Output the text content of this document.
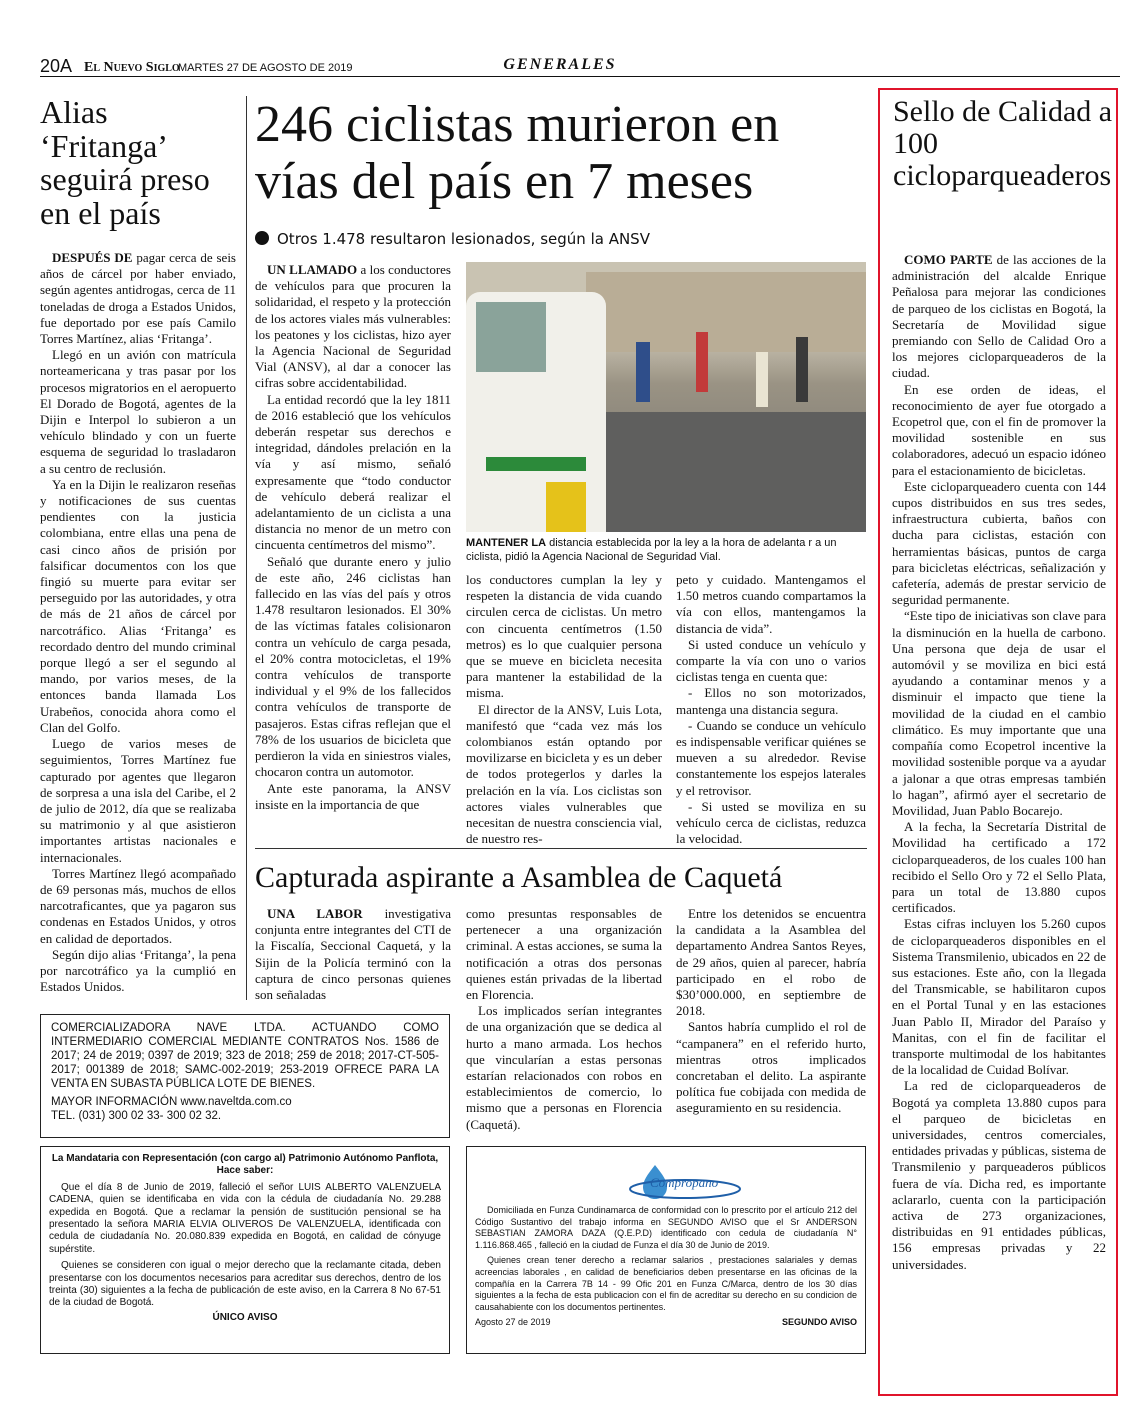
20A El Nuevo Siglo
MARTES 27 DE AGOSTO DE 2019	GENERALES
Alias ‘Fritanga’ seguirá preso en el país

DESPUÉS DE pagar cerca de seis años de cárcel por haber enviado, según agentes antidrogas, cerca de 11 toneladas de droga a Estados Unidos, fue deportado por ese país Camilo Torres Martínez, alias ‘Fritanga’.

Llegó en un avión con matrícula norteamericana y tras pasar por los procesos migratorios en el aeropuerto El Dorado de Bogotá, agentes de la Dijin e Interpol lo subieron a un vehículo blindado y con un fuerte esquema de seguridad lo trasladaron a su centro de reclusión.

Ya en la Dijin le realizaron reseñas y notificaciones de sus cuentas pendientes con la justicia colombiana, entre ellas una pena de casi cinco años de prisión por falsificar documentos con los que fingió su muerte para evitar ser perseguido por las autoridades, y otra de más de 21 años de cárcel por narcotráfico. Alias ‘Fritanga’ es recordado dentro del mundo criminal porque llegó a ser el segundo al mando, por varios meses, de la entonces banda llamada Los Urabeños, conocida ahora como el Clan del Golfo.

Luego de varios meses de seguimientos, Torres Martínez fue capturado por agentes que llegaron de sorpresa a una isla del Caribe, el 2 de julio de 2012, día que se realizaba su matrimonio y al que asistieron importantes artistas nacionales e internacionales.

Torres Martínez llegó acompañado de 69 personas más, muchos de ellos narcotraficantes, que ya pagaron sus condenas en Estados Unidos, y otros en calidad de deportados.

Según dijo alias ‘Fritanga’, la pena por narcotráfico ya la cumplió en Estados Unidos.

246 ciclistas murieron en vías del país en 7 meses
Otros 1.478 resultaron lesionados, según la ANSV

UN LLAMADO a los conductores de vehículos para que procuren la solidaridad, el respeto y la protección de los actores viales más vulnerables: los peatones y los ciclistas, hizo ayer la Agencia Nacional de Seguridad Vial (ANSV), al dar a conocer las cifras sobre accidentabilidad.

La entidad recordó que la ley 1811 de 2016 estableció que los vehículos deberán respetar sus derechos e integridad, dándoles prelación en la vía y así mismo, señaló expresamente que “todo conductor de vehículo deberá realizar el adelantamiento de un ciclista a una distancia no menor de un metro con cincuenta centímetros del mismo”.

Señaló que durante enero y julio de este año, 246 ciclistas han fallecido en las vías del país y otros 1.478 resultaron lesionados. El 30% de las víctimas fatales colisionaron contra un vehículo de carga pesada, el 20% contra motocicletas, el 19% contra vehículos de transporte individual y el 9% de los fallecidos contra vehículos de transporte de pasajeros. Estas cifras reflejan que el 78% de los usuarios de bicicleta que perdieron la vida en siniestros viales, chocaron contra un automotor.

Ante este panorama, la ANSV insiste en la importancia de que

MANTENER LA distancia establecida por la ley a la hora de adelanta r a un ciclista, pidió la Agencia Nacional de Seguridad Vial.

los conductores cumplan la ley y respeten la distancia de vida cuando circulen cerca de ciclistas. Un metro con cincuenta centímetros (1.50 metros) es lo que cualquier persona que se mueve en bicicleta necesita para mantener la estabilidad de la misma.

El director de la ANSV, Luis Lota, manifestó que “cada vez más los colombianos están optando por movilizarse en bicicleta y es un deber de todos protegerlos y darles la prelación en la vía. Los ciclistas son actores viales vulnerables que necesitan de nuestra consciencia vial, de nuestro res-

peto y cuidado. Mantengamos el 1.50 metros cuando compartamos la vía con ellos, mantengamos la distancia de vida”.

Si usted conduce un vehículo y comparte la vía con uno o varios ciclistas tenga en cuenta que:

- Ellos no son motorizados, mantenga una distancia segura.

- Cuando se conduce un vehículo es indispensable verificar quiénes se mueven a su alrededor. Revise constantemente los espejos laterales y el retrovisor.

- Si usted se moviliza en su vehículo cerca de ciclistas, reduzca la velocidad.

Capturada aspirante a Asamblea de Caquetá

UNA LABOR investigativa conjunta entre integrantes del CTI de la Fiscalía, Seccional Caquetá, y la Sijin de la Policía terminó con la captura de cinco personas quienes son señaladas

como presuntas responsables de pertenecer a una organización criminal. A estas acciones, se suma la notificación a otras dos personas quienes están privadas de la libertad en Florencia.

Los implicados serían integrantes de una organización que se dedica al hurto a mano armada. Los hechos que vincularían a estas personas estarían relacionados con robos en establecimientos de comercio, lo mismo que a personas en Florencia (Caquetá).

Entre los detenidos se encuentra la candidata a la Asamblea del departamento Andrea Santos Reyes, de 29 años, quien al parecer, habría participado en el robo de $30’000.000, en septiembre de 2018.

Santos habría cumplido el rol de “campanera” en el referido hurto, mientras otros implicados concretaban el delito. La aspirante política fue cobijada con medida de aseguramiento en su residencia.

Sello de Calidad a 100 cicloparqueaderos

COMO PARTE de las acciones de la administración del alcalde Enrique Peñalosa para mejorar las condiciones de parqueo de los ciclistas en Bogotá, la Secretaría de Movilidad sigue premiando con Sello de Calidad Oro a los mejores cicloparqueaderos de la ciudad.

En ese orden de ideas, el reconocimiento de ayer fue otorgado a Ecopetrol que, con el fin de promover la movilidad sostenible en sus colaboradores, adecuó un espacio idóneo para el estacionamiento de bicicletas.

Este cicloparqueadero cuenta con 144 cupos distribuidos en sus tres sedes, infraestructura cubierta, baños con ducha para ciclistas, estación con herramientas básicas, puntos de carga para bicicletas eléctricas, señalización y cafetería, además de prestar servicio de seguridad permanente.

“Este tipo de iniciativas son clave para la disminución en la huella de carbono. Una persona que deja de usar el automóvil y se moviliza en bici está ayudando a contaminar menos y a disminuir el impacto que tiene la movilidad de la ciudad en el cambio climático. Es muy importante que una compañía como Ecopetrol incentive la movilidad sostenible porque va a ayudar a jalonar a que otras empresas también lo hagan”, afirmó ayer el secretario de Movilidad, Juan Pablo Bocarejo.

A la fecha, la Secretaría Distrital de Movilidad ha certificado a 172 cicloparqueaderos, de los cuales 100 han recibido el Sello Oro y 72 el Sello Plata, para un total de 13.880 cupos certificados.

Estas cifras incluyen los 5.260 cupos de cicloparqueaderos disponibles en el Sistema Transmilenio, ubicados en 22 de sus estaciones. Este año, con la llegada del Transmicable, se habilitaron cupos en el Portal Tunal y en las estaciones Juan Pablo II, Mirador del Paraíso y Manitas, con el fin de facilitar el transporte multimodal de los habitantes de la localidad de Cuidad Bolívar.

La red de cicloparqueaderos de Bogotá ya completa 13.880 cupos para el parqueo de bicicletas en universidades, centros comerciales, entidades privadas y públicas, sistema de Transmilenio y parqueaderos públicos fuera de vía. Dicha red, es importante aclararlo, cuenta con la participación activa de 273 organizaciones, distribuidas en 91 entidades públicas, 156 empresas privadas y 22 universidades.

COMERCIALIZADORA NAVE LTDA. ACTUANDO COMO INTERMEDIARIO COMERCIAL MEDIANTE CONTRATOS Nos. 1586 de 2017; 24 de 2019; 0397 de 2019; 323 de 2018; 259 de 2018; 2017-CT-505-2017; 001389 de 2018; SAMC-002-2019; 253-2019 OFRECE PARA LA VENTA EN SUBASTA PÚBLICA LOTE DE BIENES.
MAYOR INFORMACIÓN www.naveltda.com.co
TEL. (031) 300 02 33- 300 02 32.
La Mandataria con Representación (con cargo al) Patrimonio Autónomo Panflota,
Hace saber:

Que el día 8 de Junio de 2019, falleció el señor LUIS ALBERTO VALENZUELA CADENA, quien se identificaba en vida con la cédula de ciudadanía No. 29.288 expedida en Bogotá. Que a reclamar la pensión de sustitución pensional se ha presentado la señora MARIA ELVIA OLIVEROS De VALENZUELA, identificada con cedula de ciudadanía No. 20.080.839 expedida en Bogotá, en calidad de cónyuge supérstite.

Quienes se consideren con igual o mejor derecho que la reclamante citada, deben presentarse con los documentos necesarios para acreditar sus derechos, dentro de los treinta (30) siguientes a la fecha de publicación de este aviso, en la Carrera 8 No 67-51 de la ciudad de Bogotá.

ÚNICO AVISO
Compropano

Domiciliada en Funza Cundinamarca de conformidad con lo prescrito por el artículo 212 del Código Sustantivo del trabajo informa en SEGUNDO AVISO que el Sr ANDERSON SEBASTIAN ZAMORA DAZA (Q.E.P.D) identificado con cedula de ciudadanía N° 1.116.868.465 , falleció en la ciudad de Funza el día 30 de Junio de 2019.

Quienes crean tener derecho a reclamar salarios , prestaciones salariales y demas acreencias laborales , en calidad de beneficiarios deben presentarse en las oficinas de la compañía en la Carrera 7B 14 - 99 Ofic 201 en Funza C/Marca, dentro de los 30 días siguientes a la fecha de esta publicacion con el fin de acreditar su derecho en su condicion de causahabiente con los documentos pertinentes.

Agosto 27 de 2019	SEGUNDO AVISO
